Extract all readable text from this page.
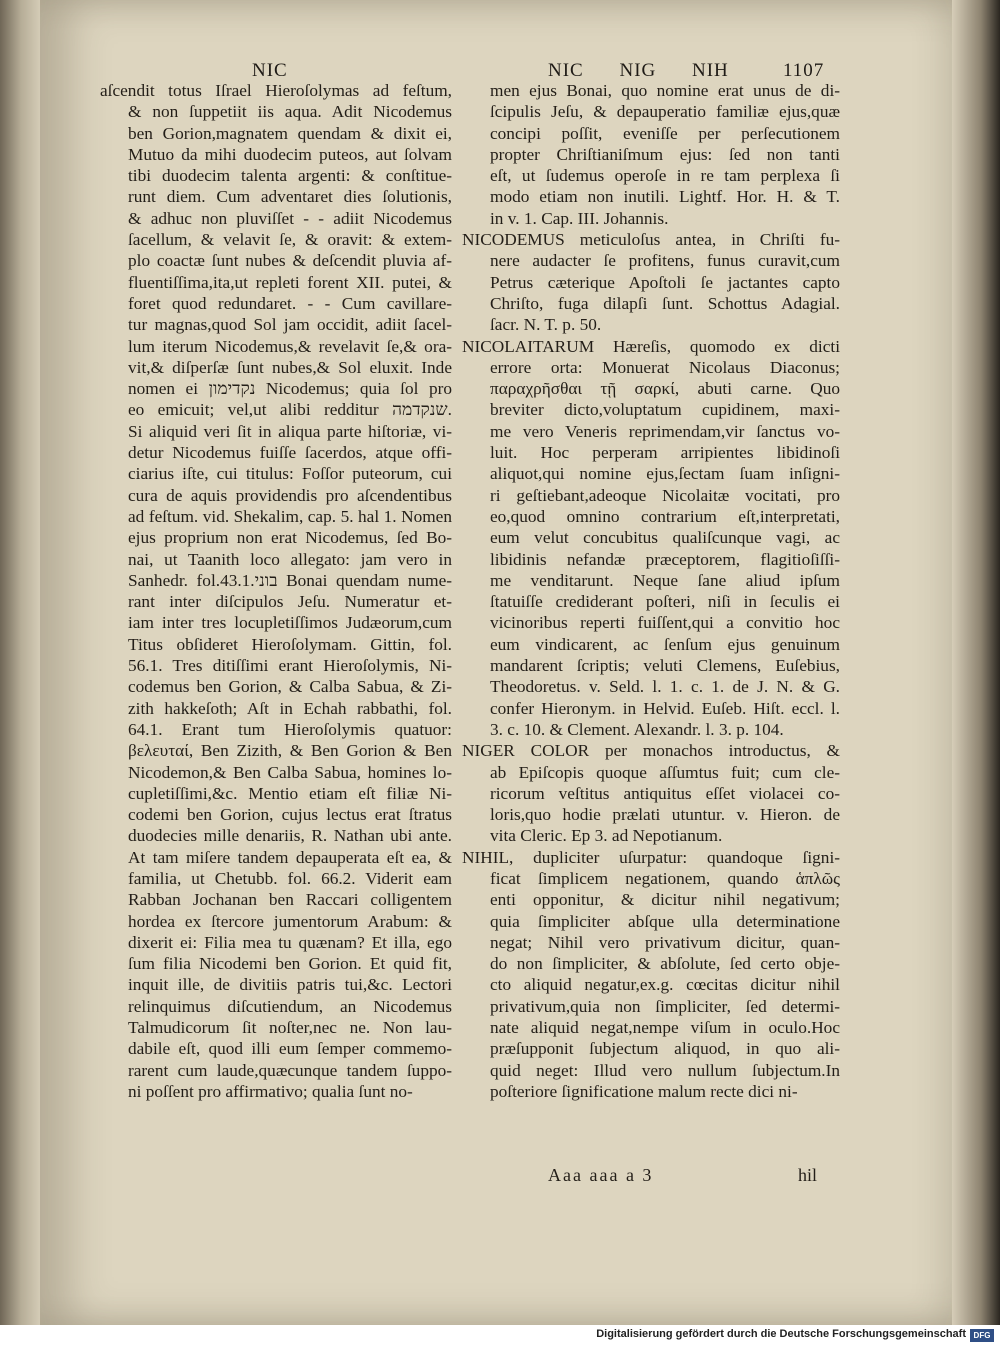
NIC	NIC NIG NIH	1107
aſcendit totus Iſrael Hieroſolymas ad feſtum,
& non ſuppetiit iis aqua. Adit Nicodemus
ben Gorion,magnatem quendam & dixit ei,
Mutuo da mihi duodecim puteos, aut ſolvam
tibi duodecim talenta argenti: & conſtitue-
runt diem. Cum adventaret dies ſolutionis,
& adhuc non pluviſſet - - adiit Nicodemus
ſacellum, & velavit ſe, & oravit: & extem-
plo coactæ ſunt nubes & deſcendit pluvia af-
fluentiſſima,ita,ut repleti forent XII. putei, &
foret quod redundaret. - - Cum cavillare-
tur magnas,quod Sol jam occidit, adiit ſacel-
lum iterum Nicodemus,& revelavit ſe,& ora-
vit,& diſperſæ ſunt nubes,& Sol eluxit. Inde
nomen ei נקדימון Nicodemus; quia ſol pro
eo emicuit; vel,ut alibi redditur שנקדמה.
Si aliquid veri ſit in aliqua parte hiſtoriæ, vi-
detur Nicodemus fuiſſe ſacerdos, atque offi-
ciarius iſte, cui titulus: Foſſor puteorum, cui
cura de aquis providendis pro aſcendentibus
ad feſtum. vid. Shekalim, cap. 5. hal 1. Nomen
ejus proprium non erat Nicodemus, ſed Bo-
nai, ut Taanith loco allegato: jam vero in
Sanhedr. fol.43.1.בוני Bonai quendam nume-
rant inter diſcipulos Jeſu. Numeratur et-
iam inter tres locupletiſſimos Judæorum,cum
Titus obſideret Hieroſolymam. Gittin, fol.
56.1. Tres ditiſſimi erant Hieroſolymis, Ni-
codemus ben Gorion, & Calba Sabua, & Zi-
zith hakkeſoth; Aſt in Echah rabbathi, fol.
64.1. Erant tum Hieroſolymis quatuor:
βελευταί, Ben Zizith, & Ben Gorion & Ben
Nicodemon,& Ben Calba Sabua, homines lo-
cupletiſſimi,&c. Mentio etiam eſt filiæ Ni-
codemi ben Gorion, cujus lectus erat ſtratus
duodecies mille denariis, R. Nathan ubi ante.
At tam miſere tandem depauperata eſt ea, &
familia, ut Chetubb. fol. 66.2. Viderit eam
Rabban Jochanan ben Raccari colligentem
hordea ex ſtercore jumentorum Arabum: &
dixerit ei: Filia mea tu quænam? Et illa, ego
ſum filia Nicodemi ben Gorion. Et quid fit,
inquit ille, de divitiis patris tui,&c. Lectori
relinquimus diſcutiendum, an Nicodemus
Talmudicorum ſit noſter,nec ne. Non lau-
dabile eſt, quod illi eum ſemper commemo-
rarent cum laude,quæcunque tandem ſuppo-
ni poſſent pro affirmativo; qualia ſunt no-
men ejus Bonai, quo nomine erat unus de di-
ſcipulis Jeſu, & depauperatio familiæ ejus,quæ
concipi poſſit, eveniſſe per perſecutionem
propter Chriſtianiſmum ejus: ſed non tanti
eſt, ut ſudemus operoſe in re tam perplexa ſi
modo etiam non inutili. Lightf. Hor. H. & T.
in v. 1. Cap. III. Johannis.
NICODEMUS meticuloſus antea, in Chriſti fu-
nere audacter ſe profitens, funus curavit,cum
Petrus cæterique Apoſtoli ſe jactantes capto
Chriſto, fuga dilapſi ſunt. Schottus Adagial.
ſacr. N. T. p. 50.
NICOLAITARUM Hæreſis, quomodo ex dicti
errore orta: Monuerat Nicolaus Diaconus;
παραχρῆσθαι τῇ σαρκί, abuti carne. Quo
breviter dicto,voluptatum cupidinem, maxi-
me vero Veneris reprimendam,vir ſanctus vo-
luit. Hoc perperam arripientes libidinoſi
aliquot,qui nomine ejus,ſectam ſuam inſigni-
ri geſtiebant,adeoque Nicolaitæ vocitati, pro
eo,quod omnino contrarium eſt,interpretati,
eum velut concubitus qualiſcunque vagi, ac
libidinis nefandæ præceptorem, flagitioſiſſi-
me venditarunt. Neque ſane aliud ipſum
ſtatuiſſe crediderant poſteri, niſi in ſeculis ei
vicinoribus reperti fuiſſent,qui a convitio hoc
eum vindicarent, ac ſenſum ejus genuinum
mandarent ſcriptis; veluti Clemens, Euſebius,
Theodoretus. v. Seld. l. 1. c. 1. de J. N. & G.
confer Hieronym. in Helvid. Euſeb. Hiſt. eccl. l.
3. c. 10. & Clement. Alexandr. l. 3. p. 104.
NIGER COLOR per monachos introductus, &
ab Epiſcopis quoque aſſumtus fuit; cum cle-
ricorum veſtitus antiquitus eſſet violacei co-
loris,quo hodie prælati utuntur. v. Hieron. de
vita Cleric. Ep 3. ad Nepotianum.
NIHIL, dupliciter uſurpatur: quandoque ſigni-
ficat ſimplicem negationem, quando ἁπλῶς
enti opponitur, & dicitur nihil negativum;
quia ſimpliciter abſque ulla determinatione
negat; Nihil vero privativum dicitur, quan-
do non ſimpliciter, & abſolute, ſed certo obje-
cto aliquid negatur,ex.g. cœcitas dicitur nihil
privativum,quia non ſimpliciter, ſed determi-
nate aliquid negat,nempe viſum in oculo.Hoc
præſupponit ſubjectum aliquod, in quo ali-
quid neget: Illud vero nullum ſubjectum.In
poſteriore ſignificatione malum recte dici ni-
Aaa aaa a 3	hil
Digitalisierung gefördert durch die Deutsche Forschungsgemeinschaft DFG
